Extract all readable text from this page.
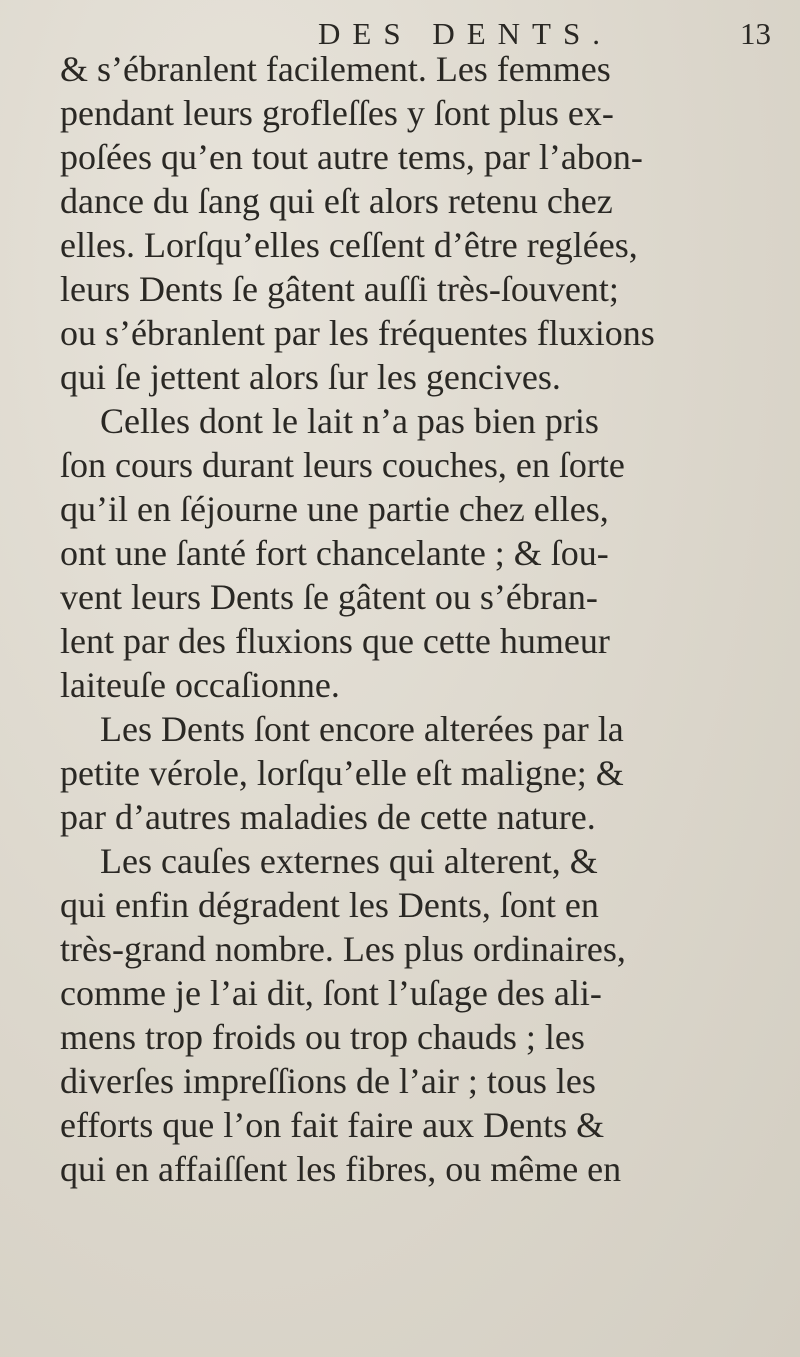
DES DENTS.	13
& s’ébranlent facilement. Les femmes
pendant leurs grofleſſes y ſont plus ex-
poſées qu’en tout autre tems, par l’abon-
dance du ſang qui eſt alors retenu chez
elles. Lorſqu’elles ceſſent d’être reglées,
leurs Dents ſe gâtent auſſi très-ſouvent;
ou s’ébranlent par les fréquentes fluxions
qui ſe jettent alors ſur les gencives.
Celles dont le lait n’a pas bien pris
ſon cours durant leurs couches, en ſorte
qu’il en ſéjourne une partie chez elles,
ont une ſanté fort chancelante ; & ſou-
vent leurs Dents ſe gâtent ou s’ébran-
lent par des fluxions que cette humeur
laiteuſe occaſionne.
Les Dents ſont encore alterées par la
petite vérole, lorſqu’elle eſt maligne; &
par d’autres maladies de cette nature.
Les cauſes externes qui alterent, &
qui enfin dégradent les Dents, ſont en
très-grand nombre. Les plus ordinaires,
comme je l’ai dit, ſont l’uſage des ali-
mens trop froids ou trop chauds ; les
diverſes impreſſions de l’air ; tous les
efforts que l’on fait faire aux Dents &
qui en affaiſſent les fibres, ou même en
